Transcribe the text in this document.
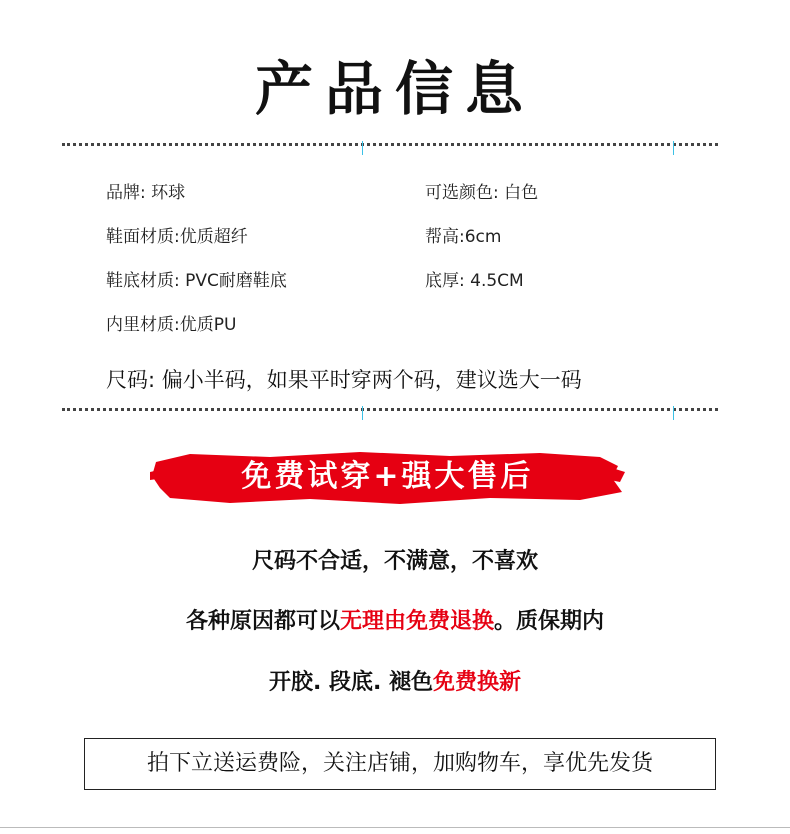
产品信息
品牌: 环球	可选颜色: 白色
鞋面材质:优质超纤	帮高:6cm
鞋底材质: PVC耐磨鞋底	底厚: 4.5CM
内里材质:优质PU
尺码: 偏小半码，如果平时穿两个码，建议选大一码
免费试穿+强大售后
尺码不合适，不满意，不喜欢
各种原因都可以无理由免费退换。质保期内
开胶. 段底. 褪色免费换新
拍下立送运费险，关注店铺，加购物车，享优先发货
